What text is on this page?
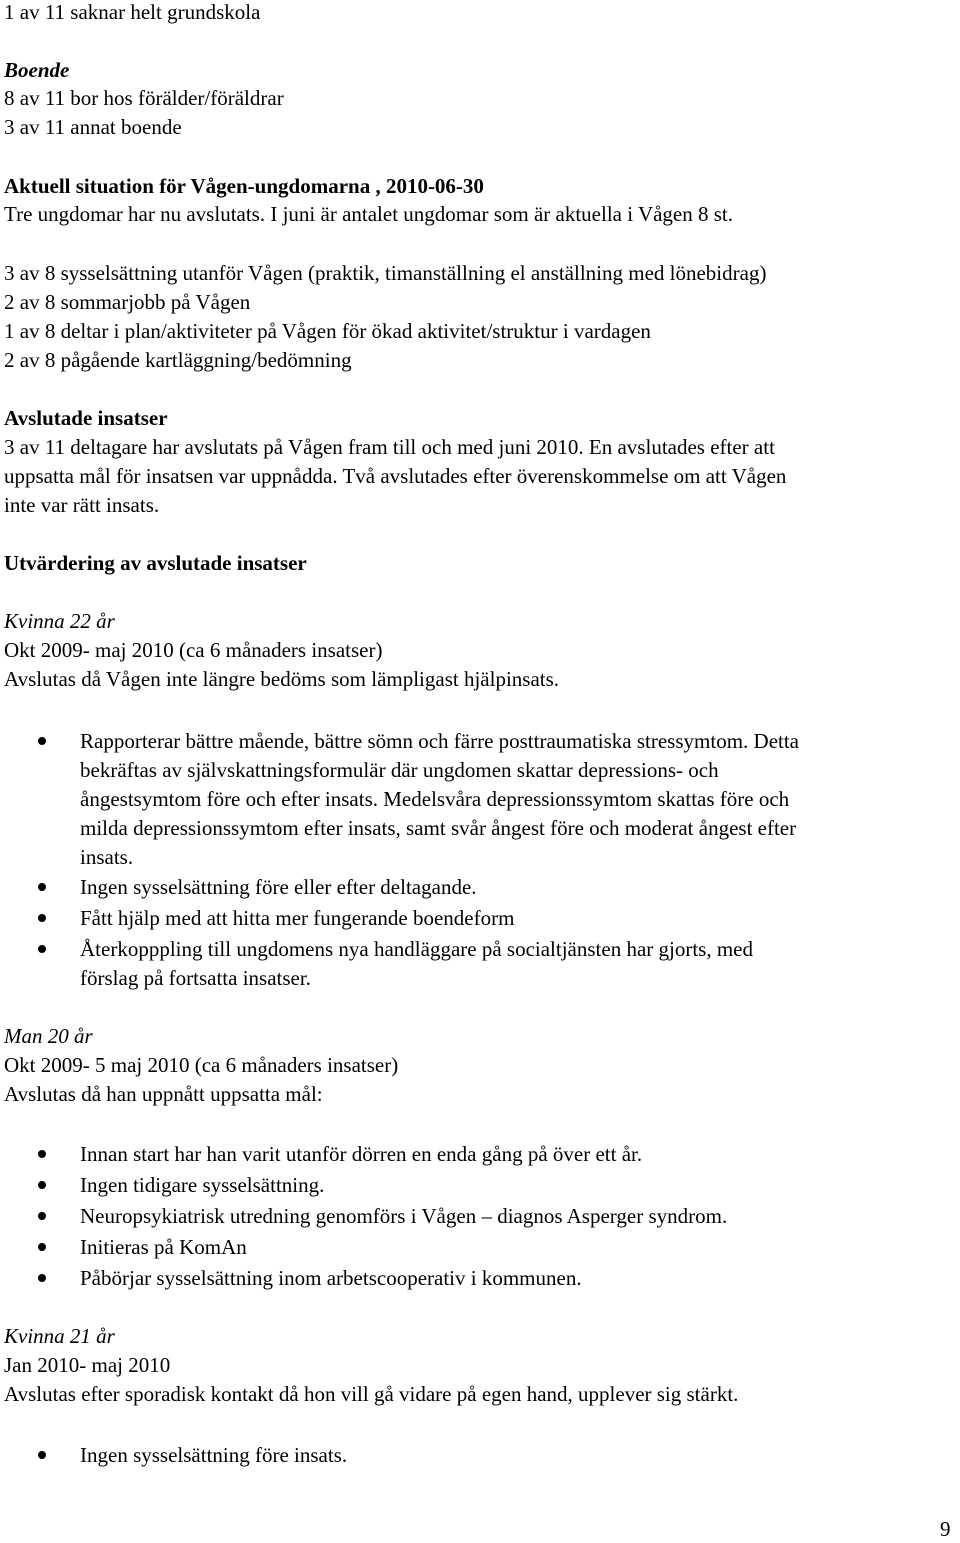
1 av 11 saknar helt grundskola
Boende
8 av 11 bor hos förälder/föräldrar
3 av 11 annat boende
Aktuell situation för Vågen-ungdomarna , 2010-06-30
Tre ungdomar har nu avslutats. I juni är antalet ungdomar som är aktuella i Vågen 8 st.
3 av 8 sysselsättning utanför Vågen (praktik, timanställning el anställning med lönebidrag)
2 av 8 sommarjobb på Vågen
1 av 8 deltar i plan/aktiviteter på Vågen för ökad aktivitet/struktur i vardagen
2 av 8 pågående kartläggning/bedömning
Avslutade insatser
3 av 11 deltagare har avslutats på Vågen fram till och med juni 2010. En avslutades efter att
uppsatta mål för insatsen var uppnådda. Två avslutades efter överenskommelse om att Vågen
inte var rätt insats.
Utvärdering av avslutade insatser
Kvinna 22 år
Okt 2009- maj 2010 (ca 6 månaders insatser)
Avslutas då Vågen inte längre bedöms som lämpligast hjälpinsats.
Rapporterar bättre mående, bättre sömn och färre posttraumatiska stressymtom. Detta
bekräftas av självskattningsformulär där ungdomen skattar depressions- och
ångestsymtom före och efter insats. Medelsvåra depressionssymtom skattas före och
milda depressionssymtom efter insats, samt svår ångest före och moderat ångest efter
insats.
Ingen sysselsättning före eller efter deltagande.
Fått hjälp med att hitta mer fungerande boendeform
Återkopppling till ungdomens nya handläggare på socialtjänsten har gjorts, med
förslag på fortsatta insatser.
Man 20 år
Okt 2009- 5 maj 2010 (ca 6 månaders insatser)
Avslutas då han uppnått uppsatta mål:
Innan start har han varit utanför dörren en enda gång på över ett år.
Ingen tidigare sysselsättning.
Neuropsykiatrisk utredning genomförs i Vågen – diagnos Asperger syndrom.
Initieras på KomAn
Påbörjar sysselsättning inom arbetscooperativ i kommunen.
Kvinna 21 år
Jan 2010- maj 2010
Avslutas efter sporadisk kontakt då hon vill gå vidare på egen hand, upplever sig stärkt.
Ingen sysselsättning före insats.
9
